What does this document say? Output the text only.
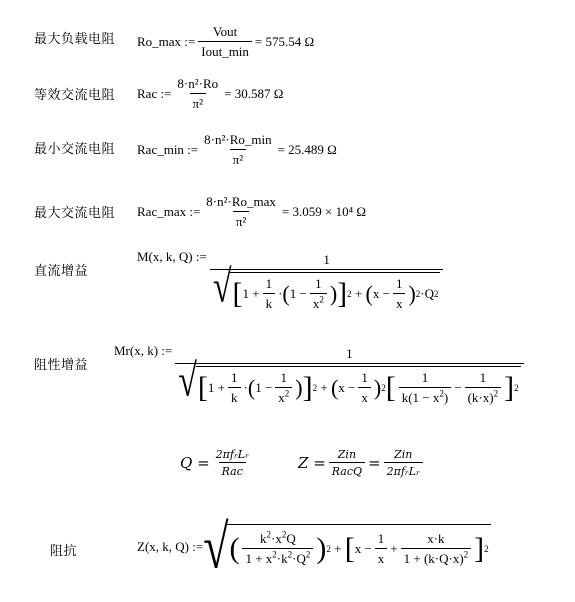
最大负载电阻 Ro_max := $\frac{\text{Vout}}{\text{Iout\_min}} = 575.54$ Ω
等效交流电阻 Rac := $\frac{\text{8·n²·Ro}}{\text{π²}} = 30.587$ Ω
最小交流电阻 Rac_min := $\frac{\text{8·n²·Ro\_min}}{\text{π²}} = 25.489$ Ω
最大交流电阻 Rac_max := $\frac{\text{8·n²·Ro\_max}}{\text{π²}} = 3.059 \times 10^4$ Ω
直流增益
M(x, k, Q) :=	1
√ [ $1 + \frac{1}{k}$ · ( $1 - \frac{1}{x^2}$ ) ] 2 + ( $x - \frac{1}{x}$ ) 2 ·Q 2
阻性增益
Mr(x, k) :=	1
√ [ $1 + \frac{1}{k}$ · ( $1 - \frac{1}{x^2}$ ) ] 2 + ( $x - \frac{1}{x}$ ) 2 [ $\frac{1}{k(1 - x^2)} - \frac{1}{(k\cdot x)^2}$ ] 2
$Q = \frac{\text{2πfᵣLᵣ}}{\text{Rac}}$	$Z = \frac{\text{Zin}}{\text{RacQ}} = \frac{\text{Zin}}{\text{2πfᵣLᵣ}}$
阻抗	Z(x, k, Q) := √ ( $\frac{k^2\cdot x^2Q}{1 + x^2\cdot k^2\cdot Q^2}$ ) 2 + [ $x - \frac{1}{x} + \frac{x\cdot k}{1 + (k\cdot Q\cdot x)^2}$ ] 2
